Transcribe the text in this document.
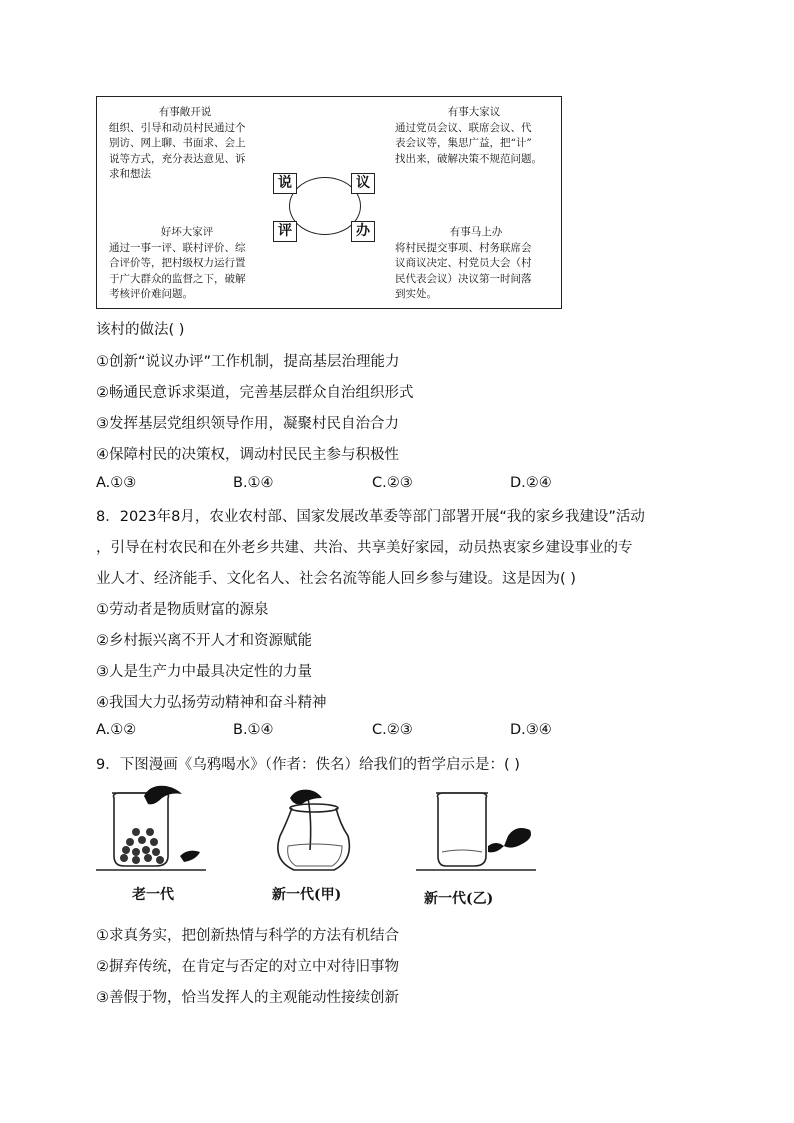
有事敞开说
组织、引导和动员村民通过个
别访、网上聊、书面求、会上
说等方式，充分表达意见、诉
求和想法
有事大家议
通过党员会议、联席会议、代
表会议等，集思广益，把“计”
找出来，破解决策不规范问题。
好坏大家评
通过一事一评、联村评价、综
合评价等，把村级权力运行置
于广大群众的监督之下，破解
考核评价难问题。
有事马上办
将村民提交事项、村务联席会
议商议决定、村党员大会（村
民代表会议）决议第一时间落
到实处。
说	议
评	办
该村的做法( )
①创新“说议办评”工作机制，提高基层治理能力
②畅通民意诉求渠道，完善基层群众自治组织形式
③发挥基层党组织领导作用，凝聚村民自治合力
④保障村民的决策权，调动村民民主参与积极性
A.①③	B.①④	C.②③	D.②④
8．2023年8月，农业农村部、国家发展改革委等部门部署开展“我的家乡我建设”活动
，引导在村农民和在外老乡共建、共治、共享美好家园，动员热衷家乡建设事业的专
业人才、经济能手、文化名人、社会名流等能人回乡参与建设。这是因为( )
①劳动者是物质财富的源泉
②乡村振兴离不开人才和资源赋能
③人是生产力中最具决定性的力量
④我国大力弘扬劳动精神和奋斗精神
A.①②	B.①④	C.②③	D.③④
9．下图漫画《乌鸦喝水》（作者：佚名）给我们的哲学启示是：( )
老一代	新一代(甲)	新一代(乙)
①求真务实，把创新热情与科学的方法有机结合
②摒弃传统，在肯定与否定的对立中对待旧事物
③善假于物，恰当发挥人的主观能动性接续创新
